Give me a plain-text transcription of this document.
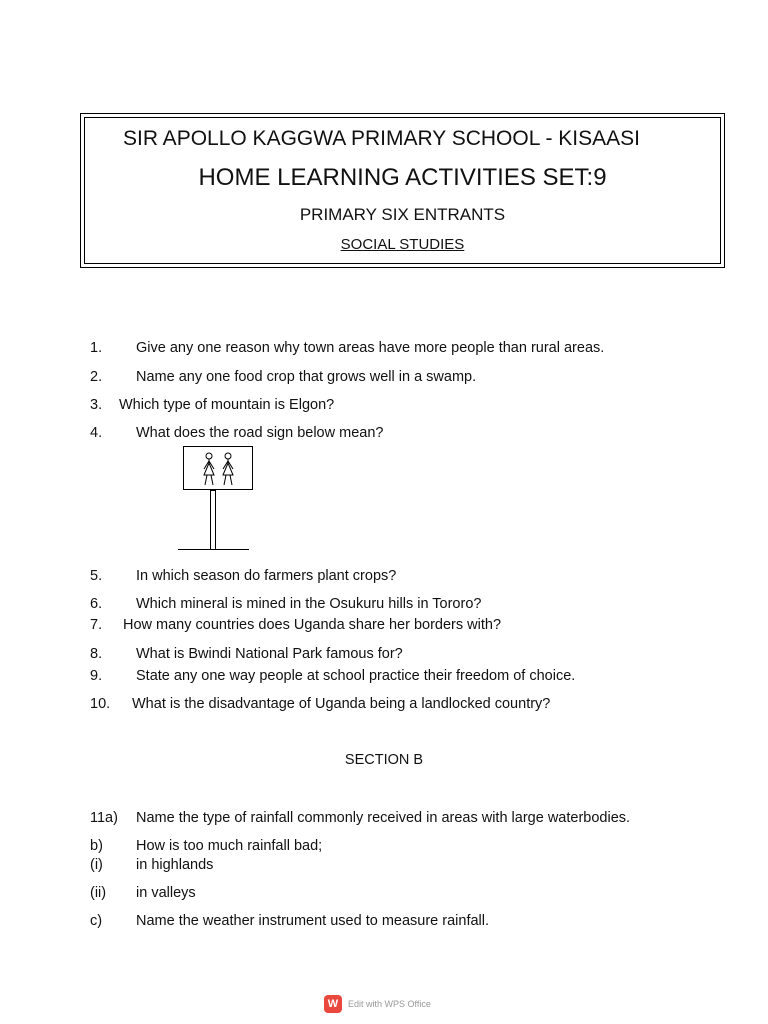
SIR APOLLO KAGGWA PRIMARY SCHOOL - KISAASI
HOME LEARNING ACTIVITIES SET:9
PRIMARY SIX ENTRANTS
SOCIAL STUDIES
1. Give any one reason why town areas have more people than rural areas.
2. Name any one food crop that grows well in a swamp.
3. Which type of mountain is Elgon?
4. What does the road sign below mean?
5. In which season do farmers plant crops?
6. Which mineral is mined in the Osukuru hills in Tororo?
7. How many countries does Uganda share her borders with?
8. What is Bwindi National Park famous for?
9. State any one way people at school practice their freedom of choice.
10. What is the disadvantage of Uganda being a landlocked country?
SECTION B
11a) Name the type of rainfall commonly received in areas with large waterbodies.
b) How is too much rainfall bad;
(i) in highlands
(ii) in valleys
c) Name the weather instrument used to measure rainfall.
W	Edit with WPS Office
